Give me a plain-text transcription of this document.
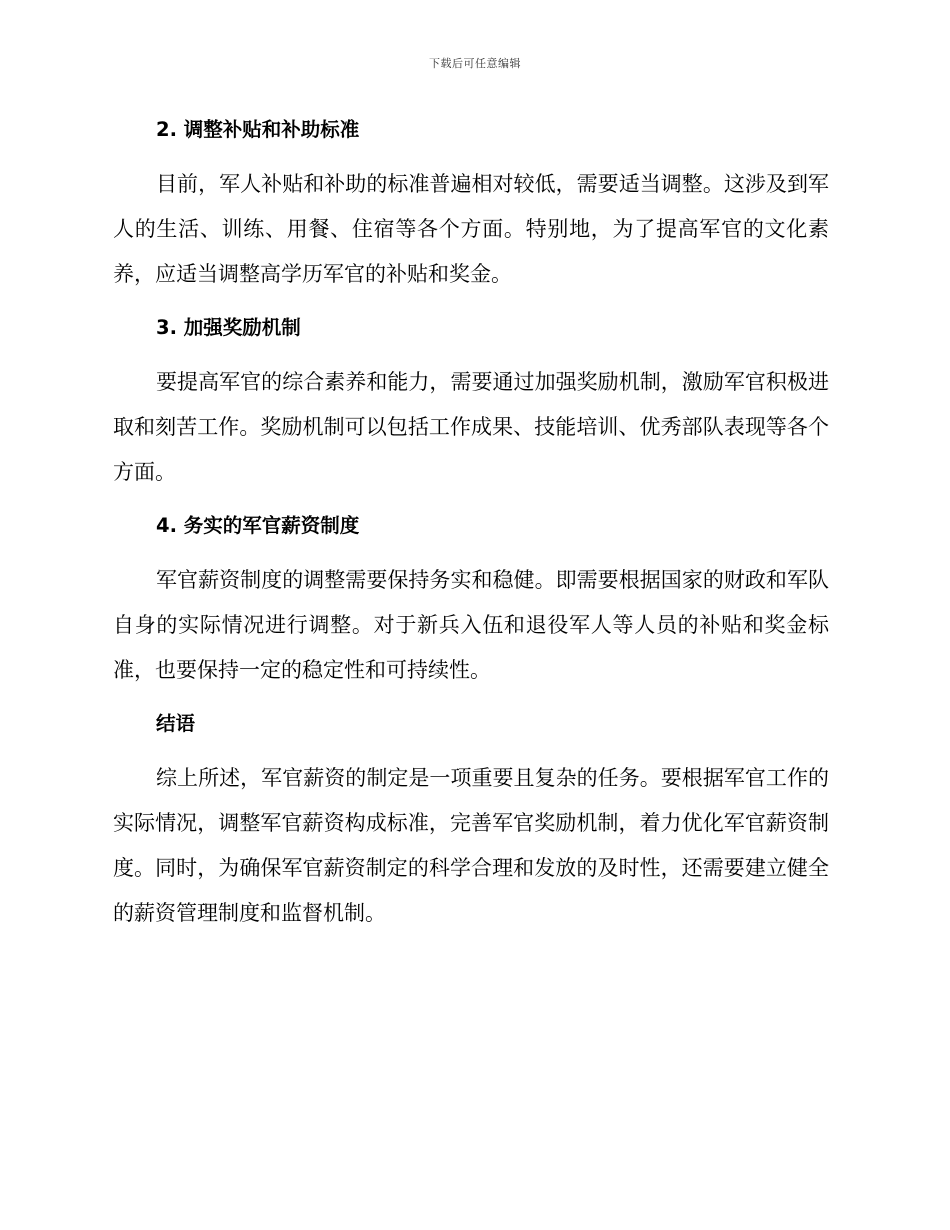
下载后可任意编辑
2. 调整补贴和补助标准

目前，军人补贴和补助的标准普遍相对较低，需要适当调整。这涉及到军人的生活、训练、用餐、住宿等各个方面。特别地，为了提高军官的文化素养，应适当调整高学历军官的补贴和奖金。

3. 加强奖励机制

要提高军官的综合素养和能力，需要通过加强奖励机制，激励军官积极进取和刻苦工作。奖励机制可以包括工作成果、技能培训、优秀部队表现等各个方面。

4. 务实的军官薪资制度

军官薪资制度的调整需要保持务实和稳健。即需要根据国家的财政和军队自身的实际情况进行调整。对于新兵入伍和退役军人等人员的补贴和奖金标准，也要保持一定的稳定性和可持续性。

结语

综上所述，军官薪资的制定是一项重要且复杂的任务。要根据军官工作的实际情况，调整军官薪资构成标准，完善军官奖励机制，着力优化军官薪资制度。同时，为确保军官薪资制定的科学合理和发放的及时性，还需要建立健全的薪资管理制度和监督机制。
